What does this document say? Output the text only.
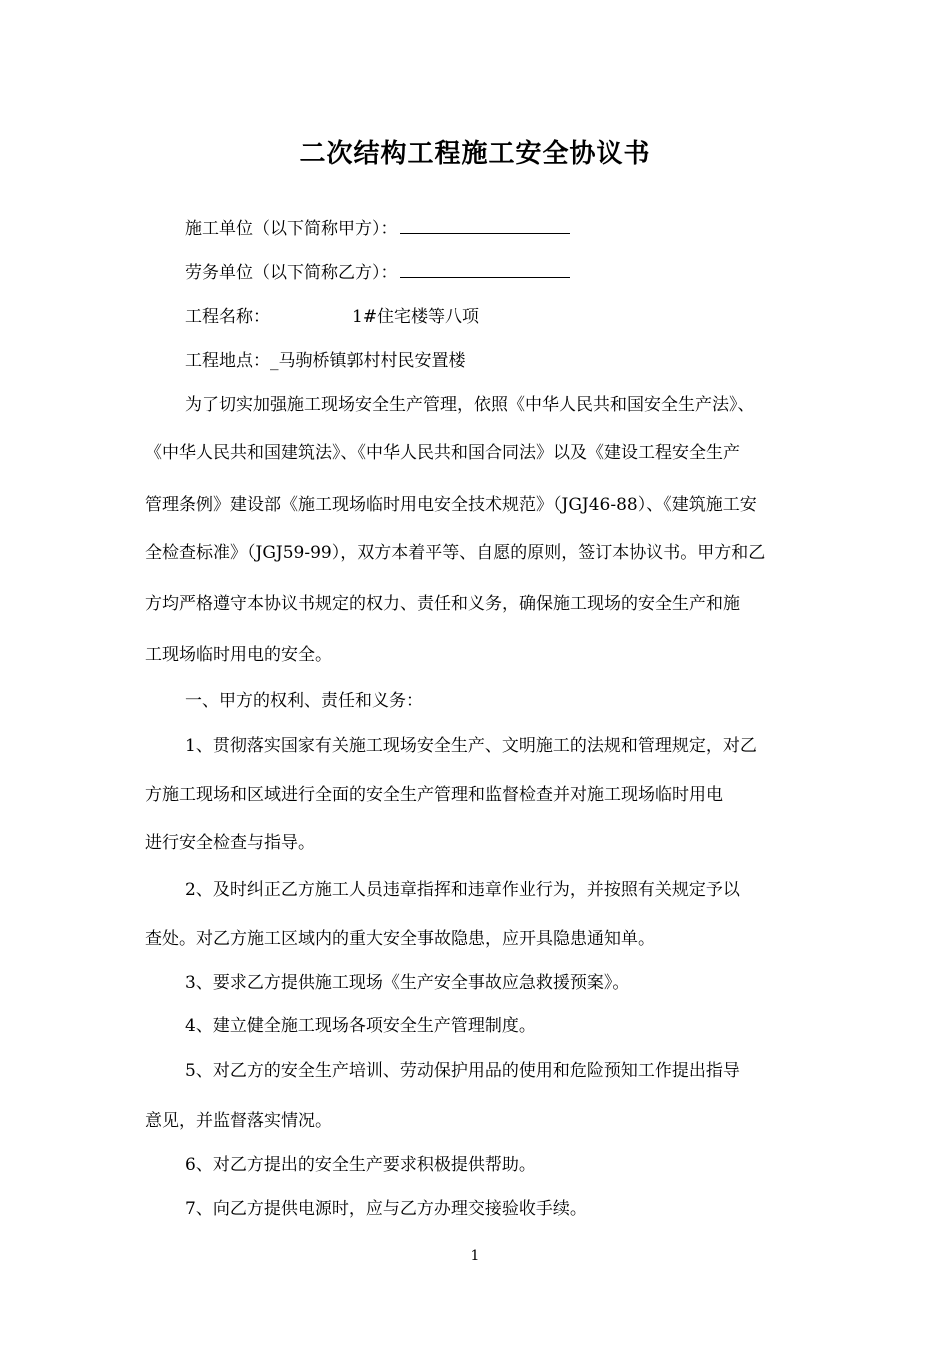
二次结构工程施工安全协议书
施工单位（以下简称甲方）：
劳务单位（以下简称乙方）：
工程名称：	1#住宅楼等八项
工程地点：_马驹桥镇郭村村民安置楼
为了切实加强施工现场安全生产管理，依照《中华人民共和国安全生产法》、
《中华人民共和国建筑法》、《中华人民共和国合同法》以及《建设工程安全生产
管理条例》建设部《施工现场临时用电安全技术规范》（JGJ46-88）、《建筑施工安
全检查标准》（JGJ59-99），双方本着平等、自愿的原则，签订本协议书。甲方和乙
方均严格遵守本协议书规定的权力、责任和义务，确保施工现场的安全生产和施
工现场临时用电的安全。
一、甲方的权利、责任和义务：
1、贯彻落实国家有关施工现场安全生产、文明施工的法规和管理规定，对乙
方施工现场和区域进行全面的安全生产管理和监督检查并对施工现场临时用电
进行安全检查与指导。
2、及时纠正乙方施工人员违章指挥和违章作业行为，并按照有关规定予以
查处。对乙方施工区域内的重大安全事故隐患，应开具隐患通知单。
3、要求乙方提供施工现场《生产安全事故应急救援预案》。
4、建立健全施工现场各项安全生产管理制度。
5、对乙方的安全生产培训、劳动保护用品的使用和危险预知工作提出指导
意见，并监督落实情况。
6、对乙方提出的安全生产要求积极提供帮助。
7、向乙方提供电源时，应与乙方办理交接验收手续。
1
